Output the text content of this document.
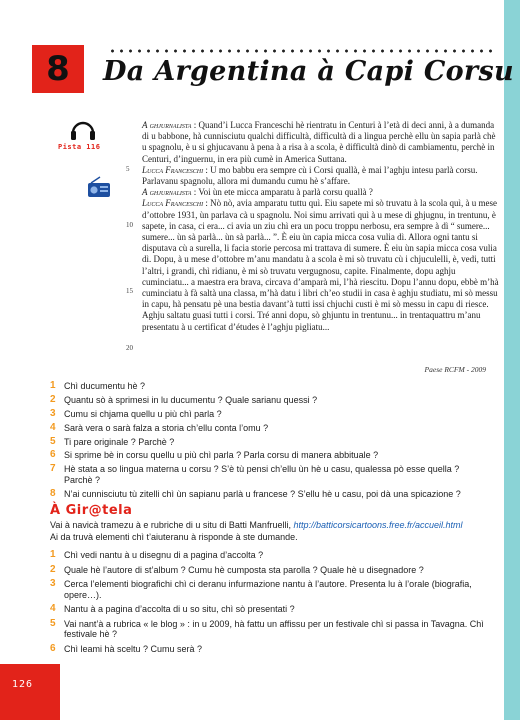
8 Da Argentina à Capi Corsu
Pista 116

A ghjurnalista : Quand’i Lucca Franceschi hè rientratu in Centuri à l’età di deci anni, à a dumanda di u babbone, hà cunnisciutu qualchi difficultà, difficultà di a lingua perchè ellu ùn sapia parlà chè u spagnolu, è u si ghjucavanu à pena à a risa à a scola, è difficultà dinò di cambiamentu, perchè in Centuri, d’inguernu, in era più cumè in America Suttana.

Lucca Franceschi : U mo babbu era sempre cù i Corsi quallà, è mai l’aghju intesu parlà corsu. Parlavanu spagnolu, allora mi dumandu cumu hè s’affare.

A ghjurnalista : Voi ùn ete micca amparatu à parlà corsu quallà ?

Lucca Franceschi : Nò nò, avia amparatu tuttu quì. Eiu sapete mi sò truvatu à la scola quì, à u mese d’ottobre 1931, ùn parlava cà u spagnolu. Noi simu arrivati quì à u mese di ghjugnu, in trentunu, è sapete, in casa, ci era... ci avia un ziu chì era un pocu troppu nerbosu, era sempre à dì “ sumere... sumere... ùn sà parlà... ùn sà parlà... ”. È eiu ùn capia micca cosa vulia dì. Allora ogni tantu si disputava cù a surella, li facia storie percosa mi trattava di sumere. È eiu ùn sapia micca cosa vulia dì. Dopu, à u mese d’ottobre m’anu mandatu à a scola è mi sò truvatu cù i chjuculelli, è, vedi, tutti l’altri, i grandi, chì ridianu, è mi sò truvatu vergugnosu, capite. Finalmente, dopu aghju cuminciatu... a maestra era brava, circava d’amparà mi, l’hà riescitu. Dopu l’annu dopu, ebbè m’hà cuminciatu à fà saltà una classa, m’hà datu i libri ch’eo studii in casa è aghju studiatu, mi sò messu in capu, hà pensatu pè una bestia davant’à tutti issi chjuchi custi è mi sò messu in capu di riesce. Aghju saltatu guasi tutti i corsi. Tré anni dopu, sò ghjuntu in trentunu... in trentaquattru m’anu presentatu à u certificat d’études è l’aghju pigliatu...

5
10
15
20
Paese RCFM - 2009
1 Chì ducumentu hè ?
2 Quantu sò à sprimesi in lu ducumentu ? Quale sarianu quessi ?
3 Cumu si chjama quellu u più chì parla ?
4 Sarà vera o sarà falza a storia ch’ellu conta l’omu ?
5 Ti pare originale ? Parchè ?
6 Si sprime bè in corsu quellu u più chì parla ? Parla corsu di manera abbituale ?
7 Hè stata a so lingua materna u corsu ? S’è tù pensi ch’ellu ùn hè u casu, qualessa pò esse quella ? Parchè ?
8 N’ai cunnisciutu tù zitelli chì ùn sapianu parlà u francese ? S’ellu hè u casu, poi dà una spicazione ?
À Gir@tela
Vai à navicà tramezu à e rubriche di u situ di Batti Manfruelli, http://batticorsicartoons.free.fr/accueil.html
Ai da truvà elementi chì t’aiuteranu à risponde à ste dumande.
1 Chì vedi nantu à u disegnu di a pagina d’accolta ?
2 Quale hè l’autore di st’album ? Cumu hè cumposta sta parolla ? Quale hè u disegnadore ?
3 Cerca l’elementi biografichi chì ci deranu infurmazione nantu à l’autore. Presenta lu à l’orale (biografia, opere…).
4 Nantu à a pagina d’accolta di u so situ, chì sò presentati ?
5 Vai nant’à a rubrica « le blog » : in u 2009, hà fattu un affissu per un festivale chì si passa in Tavagna. Chì festivale hè ?
6 Chì leami hà sceltu ? Cumu serà ?
126
